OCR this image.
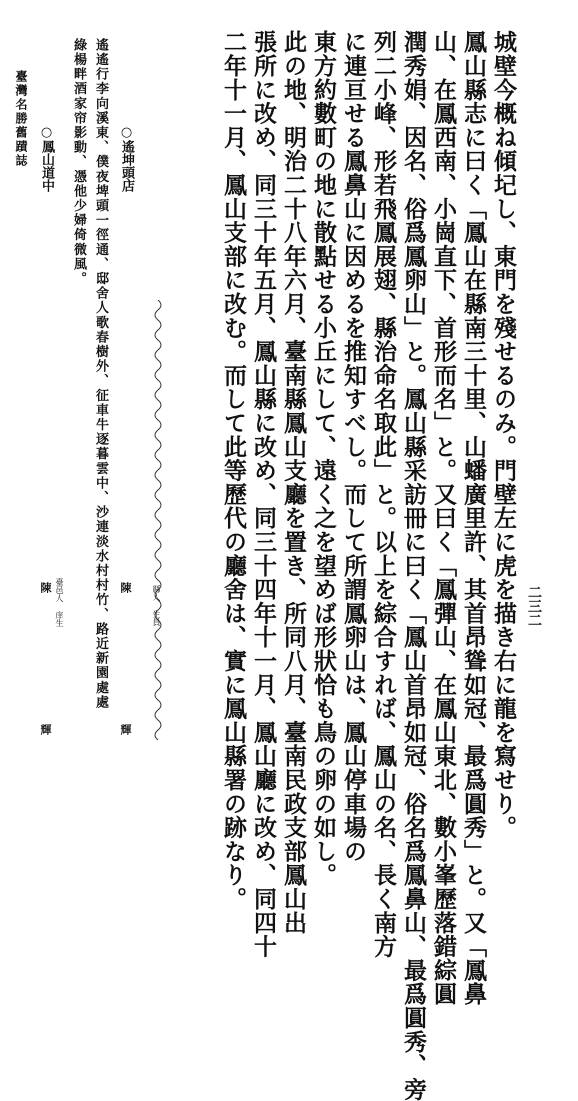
二三二
臺灣名勝舊蹟誌	城壁今概ね傾圮し、東門を殘せるのみ。門壁左に虎を描き右に龍を寫せり。
鳳山縣志に曰く「鳳山在縣南三十里、山蟠廣里許、其首昂聳如冠、最爲圓秀」と。又「鳳鼻
山、在鳳西南、小崗直下、首形而名」と。又曰く「鳳彈山、在鳳山東北、數小峯歷落錯綜圓
潤秀娟、因名、俗爲鳳卵山」と。鳳山縣采訪冊に曰く「鳳山首昂如冠、俗名爲鳳鼻山、最爲圓秀、旁
列二小峰、形若飛鳳展翅、縣治命名取此」と。以上を綜合すれば、鳳山の名、長く南方
に連亘せる鳳鼻山に因めるを推知すべし。而して所謂鳳卵山は、鳳山停車場の
東方約數町の地に散點せる小丘にして、遠く之を望めば形狀恰も鳥の卵の如し。
此の地、明治二十八年六月、臺南縣鳳山支廳を置き、所同八月、臺南民政支部鳳山出
張所に改め、同三十年五月、鳳山縣に改め、同三十四年十一月、鳳山廳に改め、同四十
二年十一月、鳳山支部に改む。而して此等歷代の廳舍は、實に鳳山縣署の跡なり。
○遙坤頭店
遙遙行李向溪東、僕夜埤頭一徑通、邸舍人歌春樹外、征車牛逐暮雲中、沙連淡水村村竹、路近新園處處
綠楊畔酒家帘影動、憑他少婦倚微風。
縣人 生員
陳　輝
○鳳山道中
臺邑人 庠生
陳　輝
